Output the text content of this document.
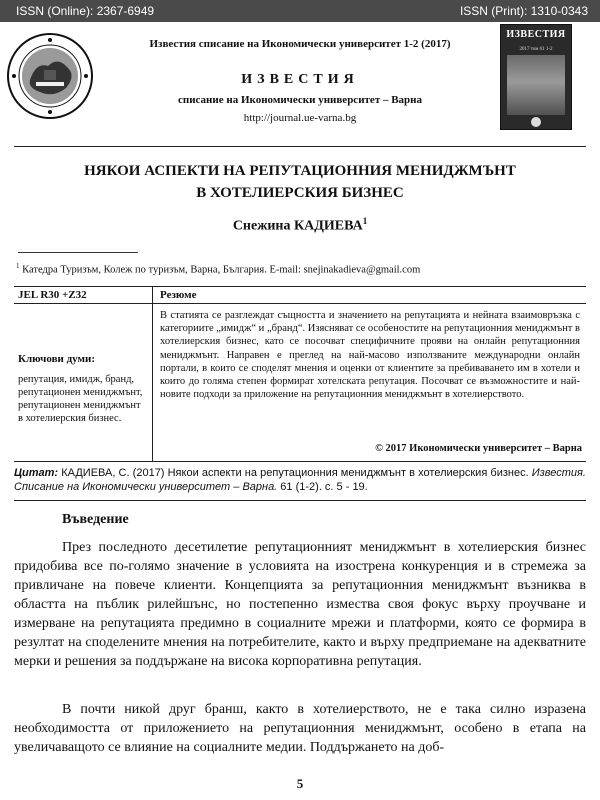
ISSN (Online): 2367-6949	ISSN (Print): 1310-0343
Известия списание на Икономически университет 1-2 (2017)
ИЗВЕСТИЯ
списание на Икономически университет – Варна
http://journal.ue-varna.bg
ИЗВЕСТИЯ
2017 том 61 1-2
НЯКОИ АСПЕКТИ НА РЕПУТАЦИОННИЯ МЕНИДЖМЪНТ
В ХОТЕЛИЕРСКИЯ БИЗНЕС
Снежина КАДИЕВА$^1$
$^1$ Катедра Туризъм, Колеж по туризъм, Варна, България. E-mail: snejinakadieva@gmail.com
JEL R30 +Z32	Резюме
Ключови думи:
репутация, имидж, бранд, репутационен мениджмънт, репутационен мениджмънт в хотелиерския бизнес.
В статията се разглеждат същността и значението на репутацията и нейната взаимовръзка с категориите „имидж“ и „бранд“. Изясняват се особеностите на репутационния мениджмънт в хотелиерския бизнес, като се посочват специфичните прояви на онлайн репутационния мениджмънт. Направен е преглед на най-масово използваните международни онлайн портали, в които се споделят мнения и оценки от клиентите за пребиваването им в хотели и които до голяма степен формират хотелската репутация. Посочват се възможностите и най-новите подходи за приложение на репутационния мениджмънт в хотелиерството.
© 2017 Икономически университет – Варна
Цитат: КАДИЕВА, С. (2017) Някои аспекти на репутационния мениджмънт в хотелиерския бизнес. Известия. Списание на Икономически университет – Варна. 61 (1-2). с. 5 - 19.
Въведение
През последното десетилетие репутационният мениджмънт в хотелиерския бизнес придобива все по-голямо значение в условията на изострена конкуренция и в стремежа за привличане на повече клиенти. Концепцията за репутационния мениджмънт възниква в областта на пъблик рилейшънс, но постепенно измества своя фокус върху проучване и измерване на репутацията предимно в социалните мрежи и платформи, която се формира в резултат на споделените мнения на потребителите, както и върху предприемане на адекватните мерки и решения за поддържане на висока корпоративна репутация.
В почти никой друг бранш, както в хотелиерството, не е така силно изразена необходимостта от приложението на репутационния мениджмънт, особено в етапа на увеличаващото се влияние на социалните медии. Поддържането на доб-
5
